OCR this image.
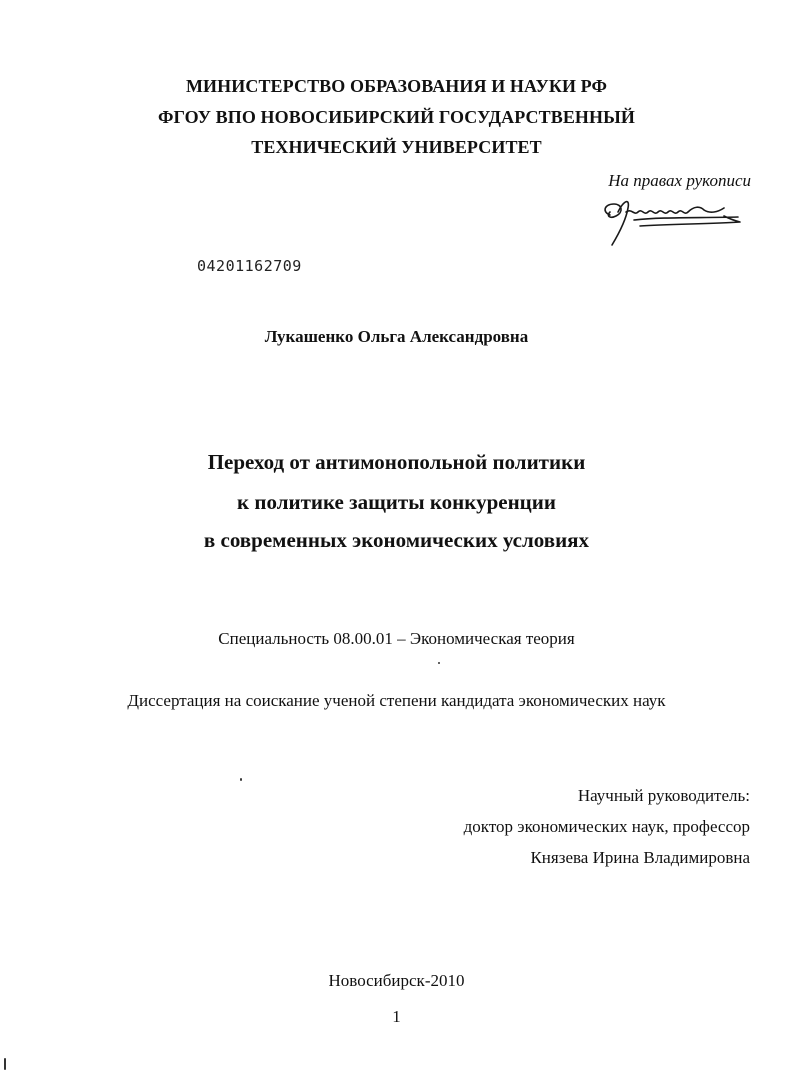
МИНИСТЕРСТВО ОБРАЗОВАНИЯ И НАУКИ РФ
ФГОУ ВПО НОВОСИБИРСКИЙ ГОСУДАРСТВЕННЫЙ
ТЕХНИЧЕСКИЙ УНИВЕРСИТЕТ
На правах рукописи
04201162709
Лукашенко Ольга Александровна
Переход от антимонопольной политики
к политике защиты конкуренции
в современных экономических условиях
Специальность 08.00.01 – Экономическая теория
Диссертация на соискание ученой степени кандидата экономических наук
Научный руководитель:
доктор экономических наук, профессор
Князева Ирина Владимировна
Новосибирск-2010
1
